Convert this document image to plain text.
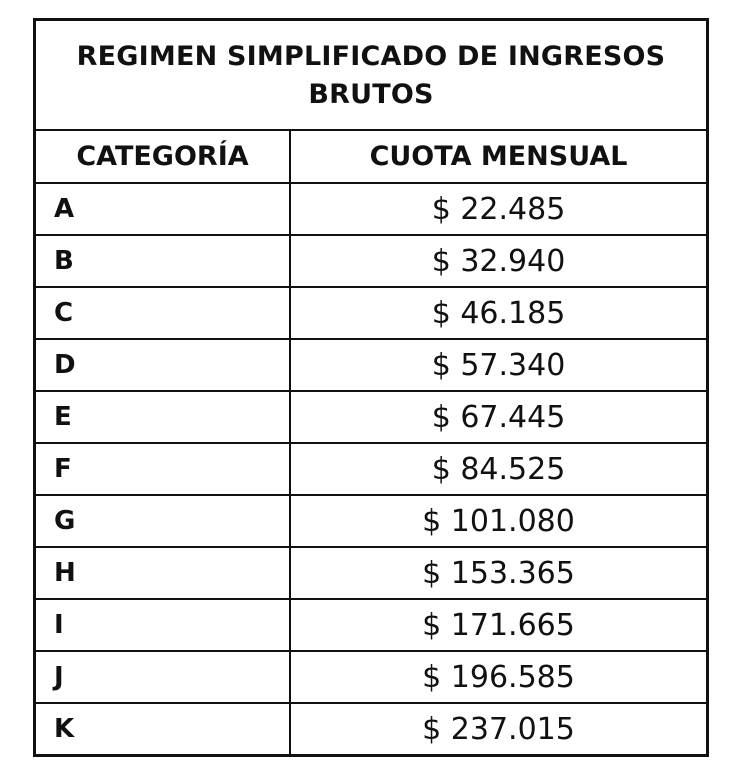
REGIMEN SIMPLIFICADO DE INGRESOS BRUTOS	
CATEGORÍA	CUOTA MENSUAL
A	$ 22.485
B	$ 32.940
C	$ 46.185
D	$ 57.340
E	$ 67.445
F	$ 84.525
G	$ 101.080
H	$ 153.365
I	$ 171.665
J	$ 196.585
K	$ 237.015
